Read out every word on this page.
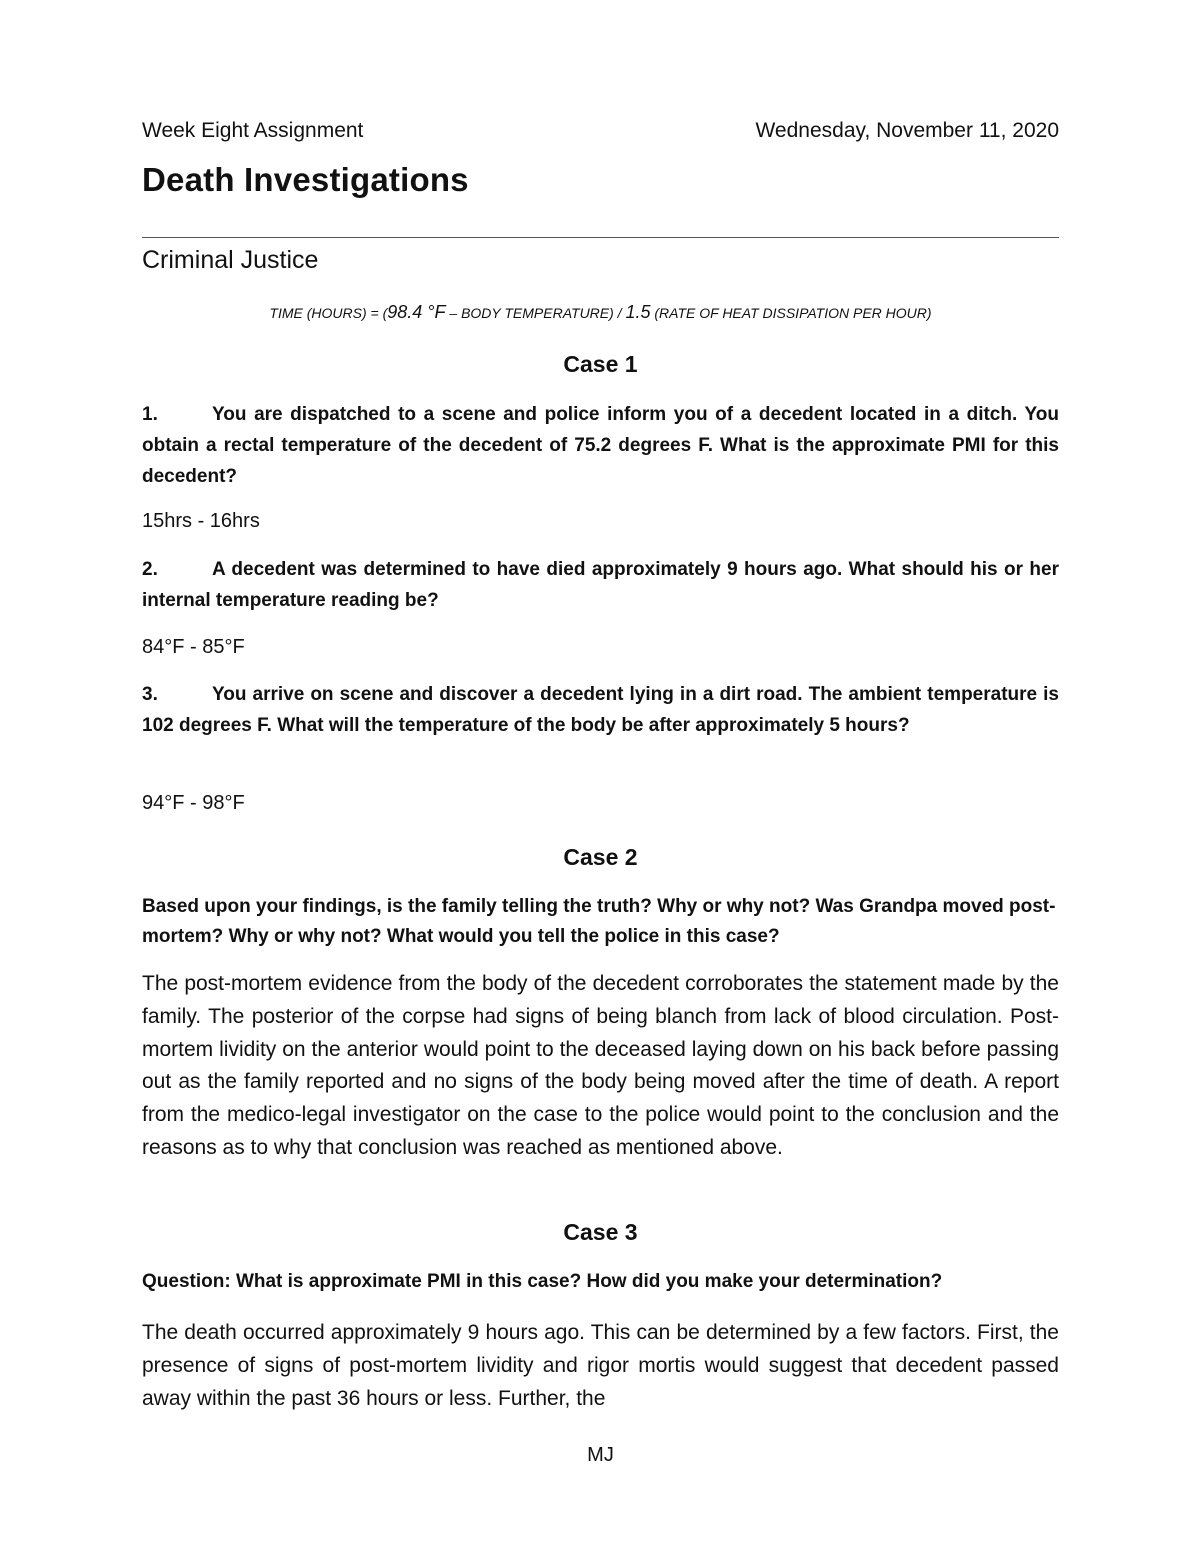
Week Eight Assignment	Wednesday, November 11, 2020
Death Investigations
Criminal Justice
TIME (HOURS) = (98.4 °F – BODY TEMPERATURE) / 1.5 (RATE OF HEAT DISSIPATION PER HOUR)
Case 1
1.	You are dispatched to a scene and police inform you of a decedent located in a ditch. You obtain a rectal temperature of the decedent of 75.2 degrees F. What is the approximate PMI for this decedent?
15hrs - 16hrs
2.	A decedent was determined to have died approximately 9 hours ago. What should his or her internal temperature reading be?
84°F - 85°F
3.	You arrive on scene and discover a decedent lying in a dirt road. The ambient temperature is 102 degrees F. What will the temperature of the body be after approximately 5 hours?
94°F - 98°F
Case 2
Based upon your findings, is the family telling the truth? Why or why not? Was Grandpa moved post-mortem? Why or why not? What would you tell the police in this case?
The post-mortem evidence from the body of the decedent corroborates the statement made by the family. The posterior of the corpse had signs of being blanch from lack of blood circulation. Post-mortem lividity on the anterior would point to the deceased laying down on his back before passing out as the family reported and no signs of the body being moved after the time of death. A report from the medico-legal investigator on the case to the police would point to the conclusion and the reasons as to why that conclusion was reached as mentioned above.
Case 3
Question: What is approximate PMI in this case? How did you make your determination?
The death occurred approximately 9 hours ago. This can be determined by a few factors. First, the presence of signs of post-mortem lividity and rigor mortis would suggest that decedent passed away within the past 36 hours or less. Further, the
MJ
